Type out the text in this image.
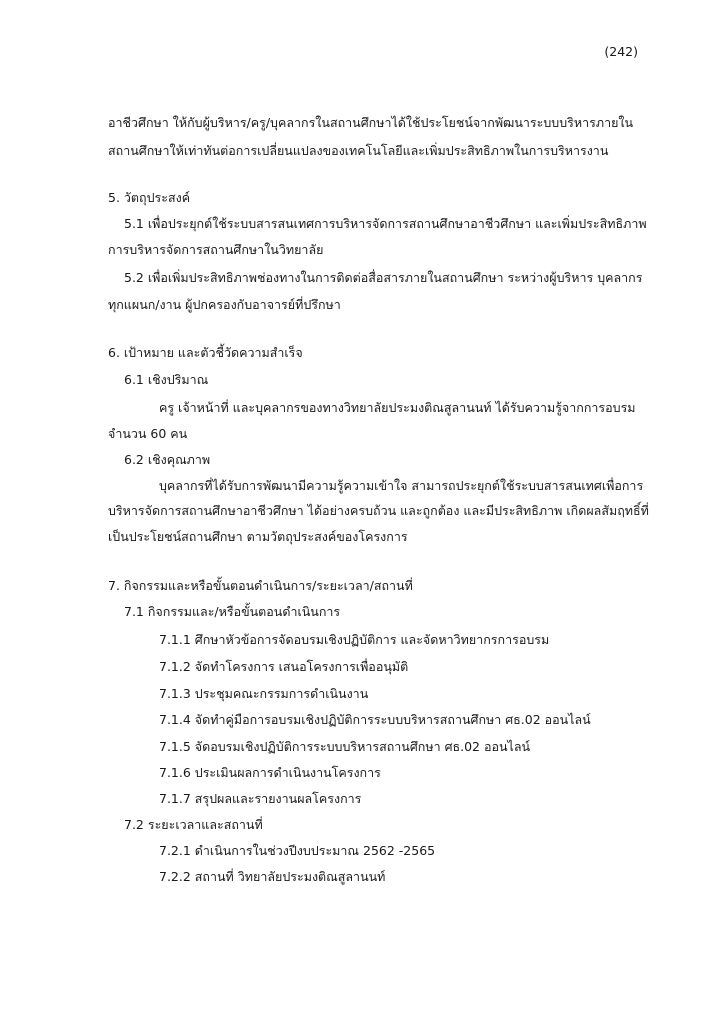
(242)
อาชีวศึกษา ให้กับผู้บริหาร/ครู/บุคลากรในสถานศึกษาได้ใช้ประโยชน์จากพัฒนาระบบบริหารภายใน
สถานศึกษาให้เท่าทันต่อการเปลี่ยนแปลงของเทคโนโลยีและเพิ่มประสิทธิภาพในการบริหารงาน
5. วัตถุประสงค์
5.1 เพื่อประยุกต์ใช้ระบบสารสนเทศการบริหารจัดการสถานศึกษาอาชีวศึกษา และเพิ่มประสิทธิภาพ
การบริหารจัดการสถานศึกษาในวิทยาลัย
5.2 เพื่อเพิ่มประสิทธิภาพช่องทางในการติดต่อสื่อสารภายในสถานศึกษา ระหว่างผู้บริหาร บุคลากร
ทุกแผนก/งาน ผู้ปกครองกับอาจารย์ที่ปรึกษา
6. เป้าหมาย และตัวชี้วัดความสำเร็จ
6.1 เชิงปริมาณ
ครู เจ้าหน้าที่ และบุคลากรของทางวิทยาลัยประมงติณสูลานนท์ ได้รับความรู้จากการอบรม
จำนวน 60 คน
6.2 เชิงคุณภาพ
บุคลากรที่ได้รับการพัฒนามีความรู้ความเข้าใจ สามารถประยุกต์ใช้ระบบสารสนเทศเพื่อการ
บริหารจัดการสถานศึกษาอาชีวศึกษา ได้อย่างครบถ้วน และถูกต้อง และมีประสิทธิภาพ เกิดผลสัมฤทธิ์ที่
เป็นประโยชน์สถานศึกษา ตามวัตถุประสงค์ของโครงการ
7. กิจกรรมและหรือขั้นตอนดำเนินการ/ระยะเวลา/สถานที่
7.1 กิจกรรมและ/หรือขั้นตอนดำเนินการ
7.1.1 ศึกษาหัวข้อการจัดอบรมเชิงปฏิบัติการ และจัดหาวิทยากรการอบรม
7.1.2 จัดทำโครงการ เสนอโครงการเพื่ออนุมัติ
7.1.3 ประชุมคณะกรรมการดำเนินงาน
7.1.4 จัดทำคู่มือการอบรมเชิงปฏิบัติการระบบบริหารสถานศึกษา ศธ.02 ออนไลน์
7.1.5 จัดอบรมเชิงปฏิบัติการระบบบริหารสถานศึกษา ศธ.02 ออนไลน์
7.1.6 ประเมินผลการดำเนินงานโครงการ
7.1.7 สรุปผลและรายงานผลโครงการ
7.2 ระยะเวลาและสถานที่
7.2.1 ดำเนินการในช่วงปีงบประมาณ 2562 -2565
7.2.2 สถานที่ วิทยาลัยประมงติณสูลานนท์
